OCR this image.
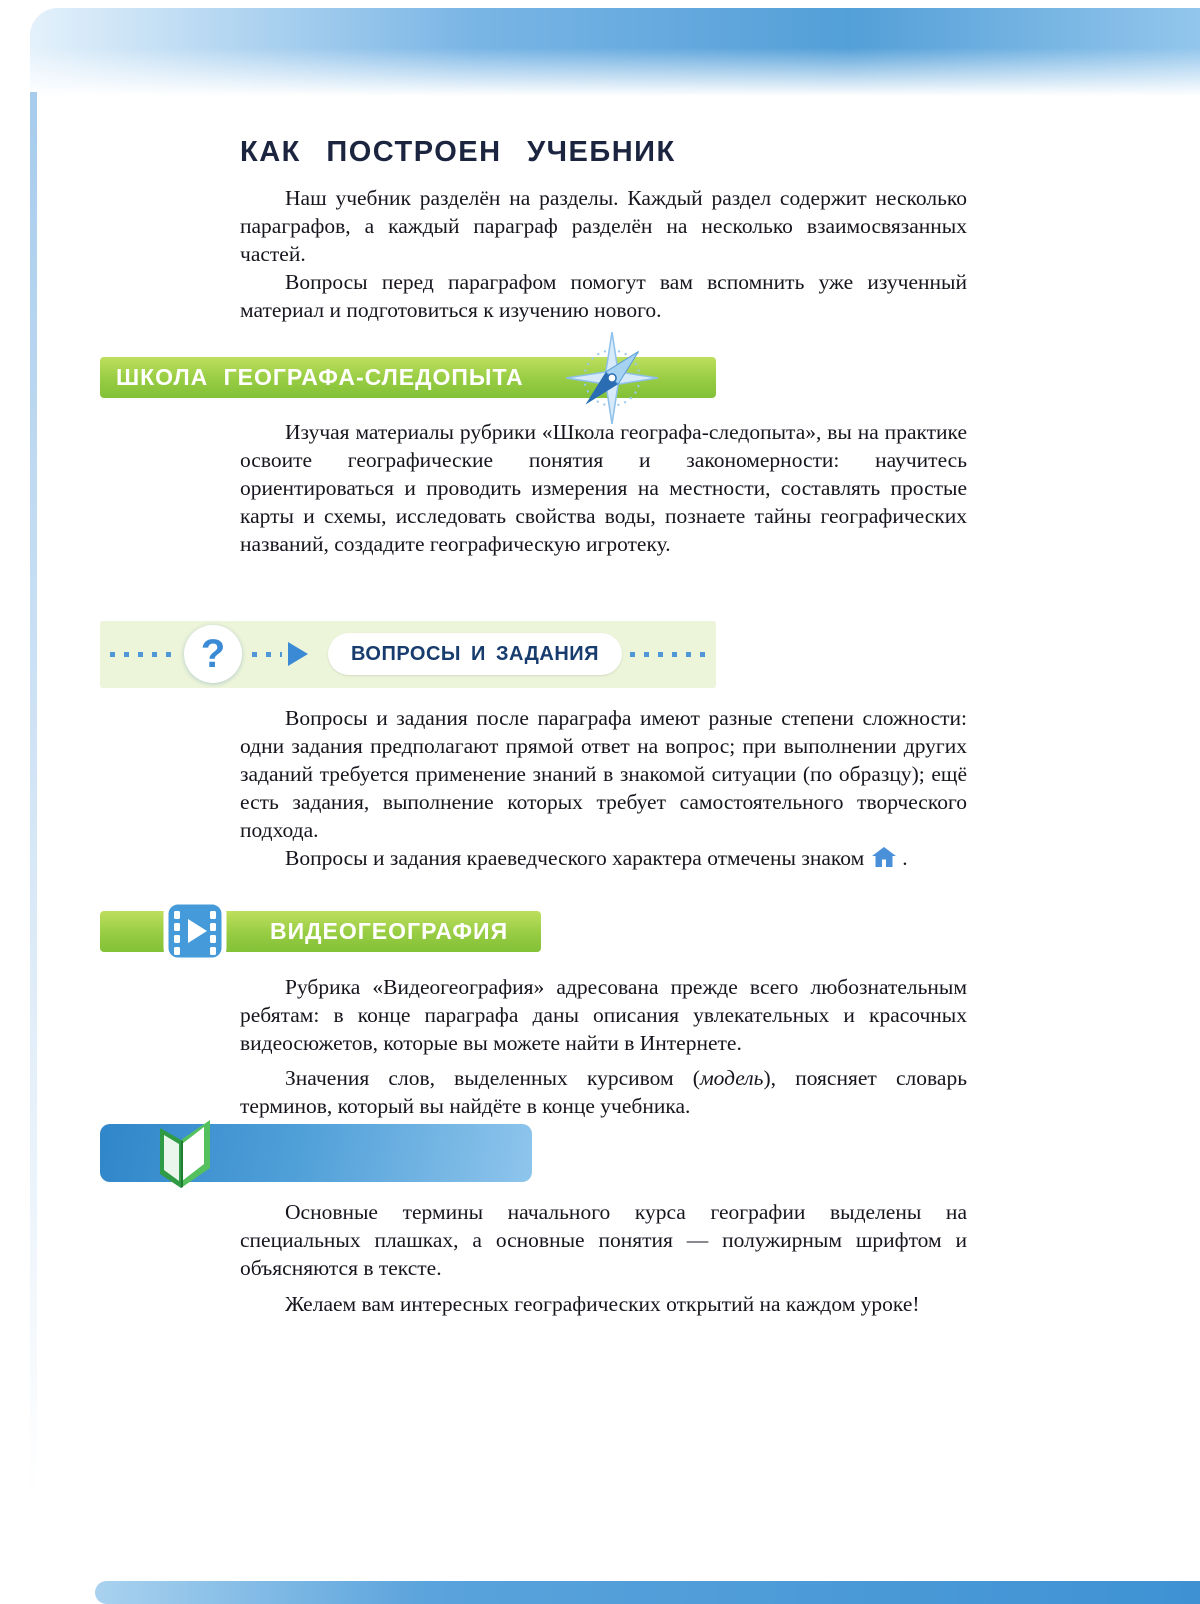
КАК ПОСТРОЕН УЧЕБНИК

Наш учебник разделён на разделы. Каждый раздел содержит несколько параграфов, а каждый параграф разделён на несколько взаимосвязанных частей.

Вопросы перед параграфом помогут вам вспомнить уже изученный материал и подготовиться к изучению нового.

ШКОЛА ГЕОГРАФА-СЛЕДОПЫТА

Изучая материалы рубрики «Школа географа-следопыта», вы на практике освоите географические понятия и закономерности: научитесь ориентироваться и проводить измерения на местности, составлять простые карты и схемы, исследовать свойства воды, познаете тайны географических названий, создадите географическую игротеку.

?	ВОПРОСЫ И ЗАДАНИЯ

Вопросы и задания после параграфа имеют разные степени сложности: одни задания предполагают прямой ответ на вопрос; при выполнении других заданий требуется применение знаний в знакомой ситуации (по образцу); ещё есть задания, выполнение которых требует самостоятельного творческого подхода.

Вопросы и задания краеведческого характера отмечены знаком .

ВИДЕОГЕОГРАФИЯ

Рубрика «Видеогеография» адресована прежде всего любознательным ребятам: в конце параграфа даны описания увлекательных и красочных видеосюжетов, которые вы можете найти в Интернете.

Значения слов, выделенных курсивом (модель), поясняет словарь терминов, который вы найдёте в конце учебника.

Основные термины начального курса географии выделены на специальных плашках, а основные понятия — полужирным шрифтом и объясняются в тексте.

Желаем вам интересных географических открытий на каждом уроке!
